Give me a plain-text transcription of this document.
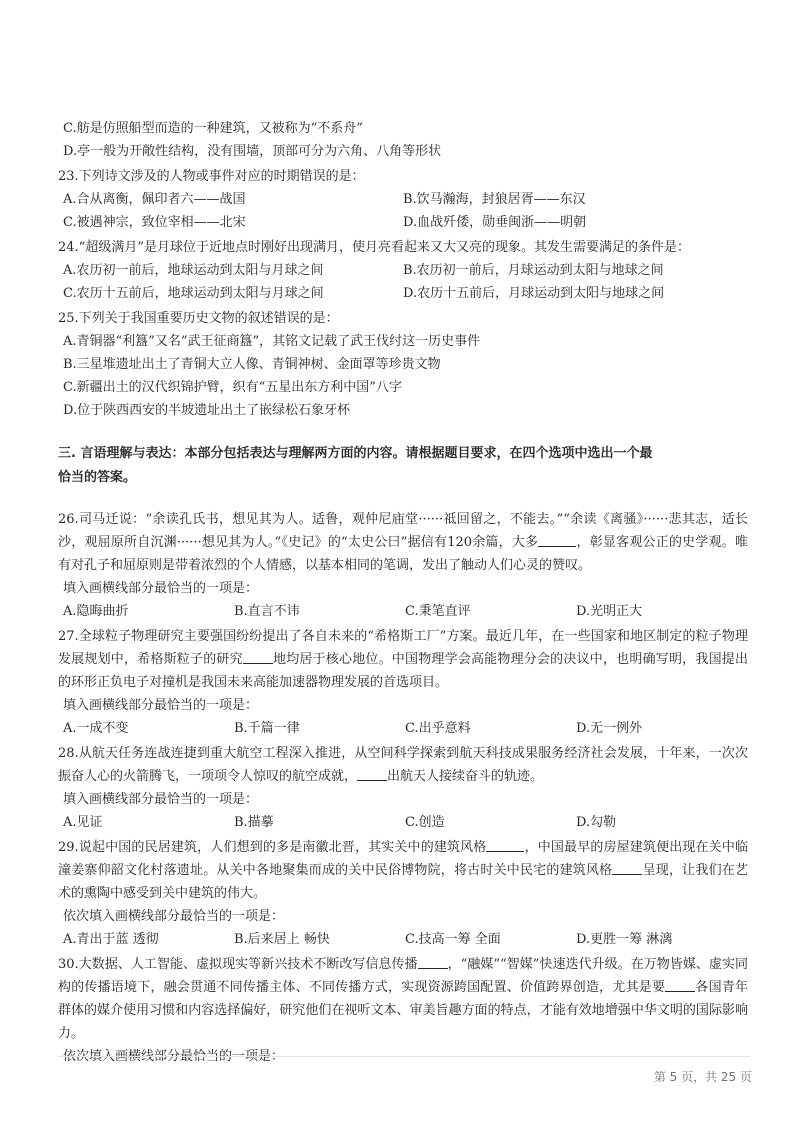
C.舫是仿照船型而造的一种建筑，又被称为“不系舟”
D.亭一般为开敞性结构，没有围墙，顶部可分为六角、八角等形状
23.下列诗文涉及的人物或事件对应的时期错误的是：
A.合从离衡，佩印者六——战国	B.饮马瀚海，封狼居胥——东汉
C.被遇神宗，致位宰相——北宋	D.血战歼倭，勋垂闽浙——明朝
24.“超级满月”是月球位于近地点时刚好出现满月，使月亮看起来又大又亮的现象。其发生需要满足的条件是：
A.农历初一前后，地球运动到太阳与月球之间	B.农历初一前后，月球运动到太阳与地球之间
C.农历十五前后，地球运动到太阳与月球之间	D.农历十五前后，月球运动到太阳与地球之间
25.下列关于我国重要历史文物的叙述错误的是：
A.青铜器“利簋”又名“武王征商簋”，其铭文记载了武王伐纣这一历史事件
B.三星堆遗址出土了青铜大立人像、青铜神树、金面罩等珍贵文物
C.新疆出土的汉代织锦护臂，织有“五星出东方利中国”八字
D.位于陕西西安的半坡遗址出土了嵌绿松石象牙杯
三. 言语理解与表达：本部分包括表达与理解两方面的内容。请根据题目要求，在四个选项中选出一个最
恰当的答案。
26.司马迁说：“余读孔氏书，想见其为人。适鲁，观仲尼庙堂······祗回留之，不能去。”“余读《离骚》······悲其志，适长沙，观屈原所自沉渊······想见其为人。”《史记》的“太史公曰”据信有120余篇，大多	，彰显客观公正的史学观。唯有对孔子和屈原则是带着浓烈的个人情感，以基本相同的笔调，发出了触动人们心灵的赞叹。
填入画横线部分最恰当的一项是：
A.隐晦曲折	B.直言不讳	C.秉笔直评	D.光明正大
27.全球粒子物理研究主要强国纷纷提出了各自未来的“希格斯工厂”方案。最近几年，在一些国家和地区制定的粒子物理发展规划中，希格斯粒子的研究 地均居于核心地位。中国物理学会高能物理分会的决议中，也明确写明，我国提出的环形正负电子对撞机是我国未来高能加速器物理发展的首选项目。
填入画横线部分最恰当的一项是：
A.一成不变	B.千篇一律	C.出乎意料	D.无一例外
28.从航天任务连战连捷到重大航空工程深入推进，从空间科学探索到航天科技成果服务经济社会发展，十年来，一次次振奋人心的火箭腾飞，一项项令人惊叹的航空成就， 出航天人接续奋斗的轨迹。
填入画横线部分最恰当的一项是：
A.见证	B.描摹	C.创造	D.勾勒
29.说起中国的民居建筑，人们想到的多是南徽北晋，其实关中的建筑风格	，中国最早的房屋建筑便出现在关中临潼姜寨仰韶文化村落遗址。从关中各地聚集而成的关中民俗博物院，将古时关中民宅的建筑风格 呈现，让我们在艺术的熏陶中感受到关中建筑的伟大。
依次填入画横线部分最恰当的一项是：
A.青出于蓝 透彻	B.后来居上 畅快	C.技高一筹 全面	D.更胜一筹 淋漓
30.大数据、人工智能、虚拟现实等新兴技术不断改写信息传播 ，“融媒”“智媒”快速迭代升级。在万物皆媒、虚实同构的传播语境下，融会贯通不同传播主体、不同传播方式，实现资源跨国配置、价值跨界创造，尤其是要 各国青年群体的媒介使用习惯和内容选择偏好，研究他们在视听文本、审美旨趣方面的特点，才能有效地增强中华文明的国际影响力。
依次填入画横线部分最恰当的一项是：
第 5 页，共 25 页
